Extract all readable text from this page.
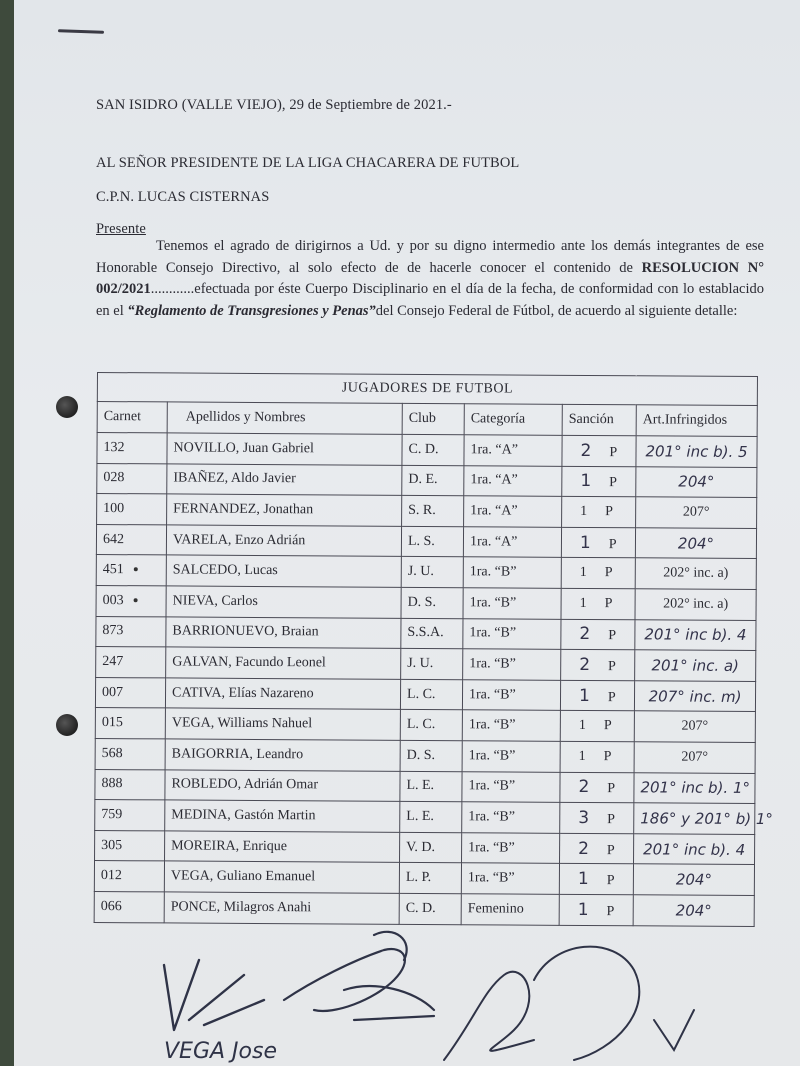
SAN ISIDRO (VALLE VIEJO), 29 de Septiembre de 2021.-
AL SEÑOR PRESIDENTE DE LA LIGA CHACARERA DE FUTBOL
C.P.N. LUCAS CISTERNAS
Presente
Tenemos el agrado de dirigirnos a Ud. y por su digno intermedio ante los demás integrantes de ese Honorable Consejo Directivo, al solo efecto de de hacerle conocer el contenido de RESOLUCION N° 002/2021............efectuada por éste Cuerpo Disciplinario en el día de la fecha, de conformidad con lo establacido en el “Reglamento de Transgresiones y Penas”del Consejo Federal de Fútbol, de acuerdo al siguiente detalle:
JUGADORES DE FUTBOL					
Carnet	Apellidos y Nombres	Club	Categoría	Sanción	Art.Infringidos
132	NOVILLO, Juan Gabriel	C. D.	1ra. “A”	2 P	201° inc b). 5
028	IBAÑEZ, Aldo Javier	D. E.	1ra. “A”	1 P	204°
100	FERNANDEZ, Jonathan	S. R.	1ra. “A”	1 P	207°
642	VARELA, Enzo Adrián	L. S.	1ra. “A”	1 P	204°
451	SALCEDO, Lucas	J. U.	1ra. “B”	1 P	202° inc. a)
003	NIEVA, Carlos	D. S.	1ra. “B”	1 P	202° inc. a)
873	BARRIONUEVO, Braian	S.S.A.	1ra. “B”	2 P	201° inc b). 4
247	GALVAN, Facundo Leonel	J. U.	1ra. “B”	2 P	201° inc. a)
007	CATIVA, Elías Nazareno	L. C.	1ra. “B”	1 P	207° inc. m)
015	VEGA, Williams Nahuel	L. C.	1ra. “B”	1 P	207°
568	BAIGORRIA, Leandro	D. S.	1ra. “B”	1 P	207°
888	ROBLEDO, Adrián Omar	L. E.	1ra. “B”	2 P	201° inc b). 1°
759	MEDINA, Gastón Martin	L. E.	1ra. “B”	3 P	186° y 201° b) 1°
305	MOREIRA, Enrique	V. D.	1ra. “B”	2 P	201° inc b). 4
012	VEGA, Guliano Emanuel	L. P.	1ra. “B”	1 P	204°
066	PONCE, Milagros Anahi	C. D.	Femenino	1 P	204°
VEGA Jose
